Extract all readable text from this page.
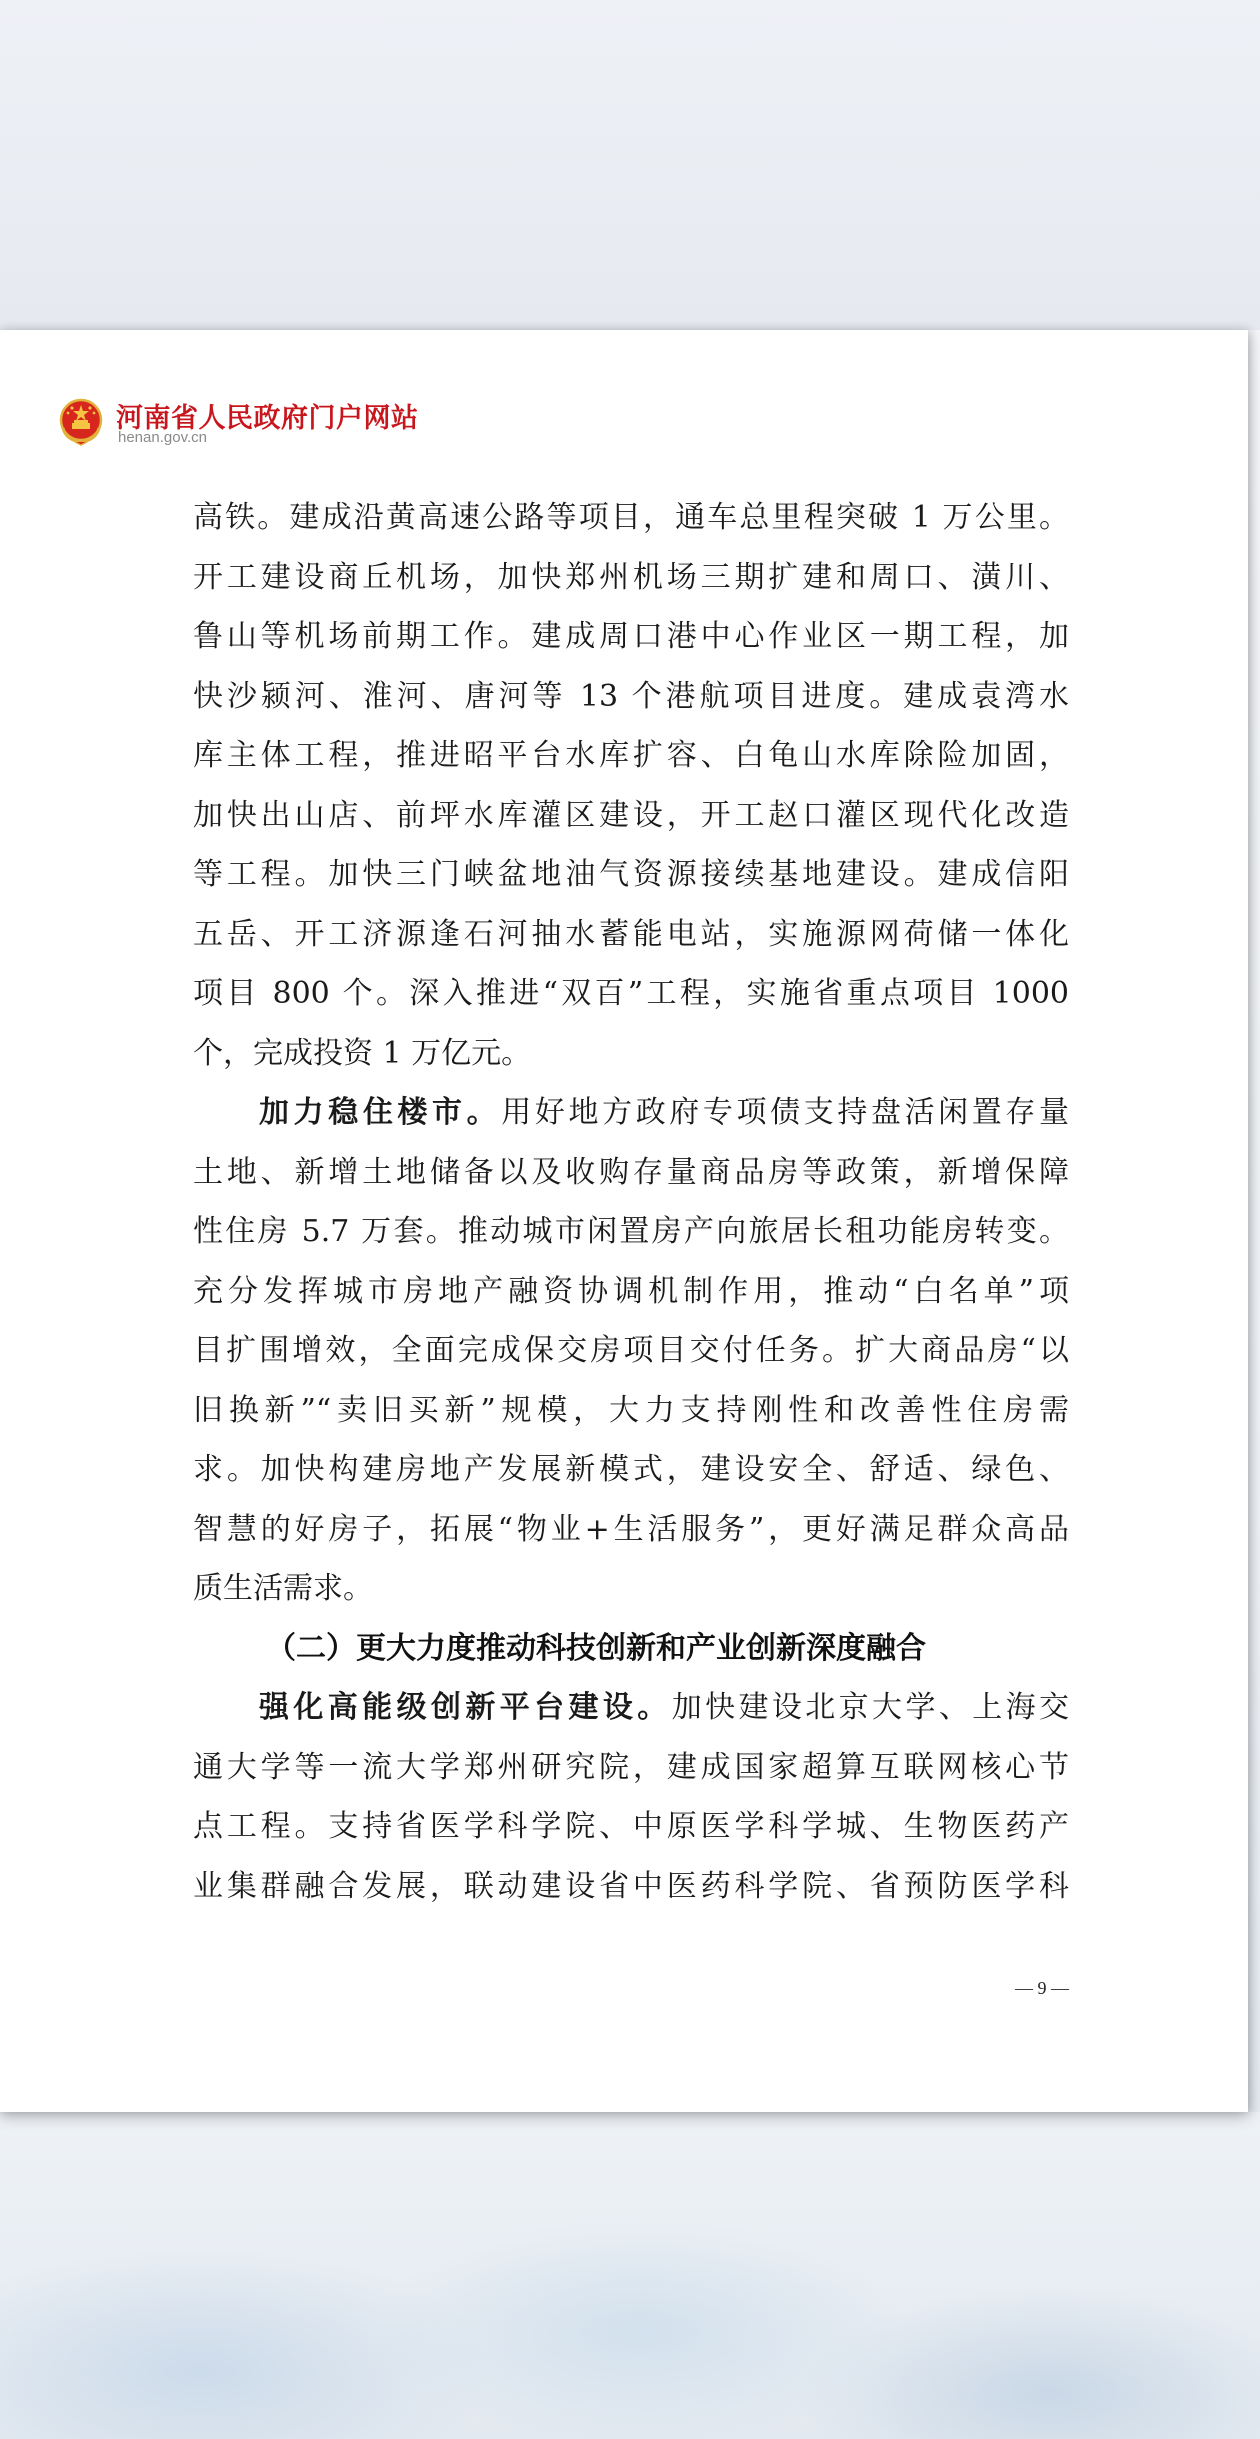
河南省人民政府门户网站
henan.gov.cn
高铁。建成沿黄高速公路等项目，通车总里程突破 1 万公里。
开工建设商丘机场，加快郑州机场三期扩建和周口、潢川、
鲁山等机场前期工作。建成周口港中心作业区一期工程，加
快沙颍河、淮河、唐河等 13 个港航项目进度。建成袁湾水
库主体工程，推进昭平台水库扩容、白龟山水库除险加固，
加快出山店、前坪水库灌区建设，开工赵口灌区现代化改造
等工程。加快三门峡盆地油气资源接续基地建设。建成信阳
五岳、开工济源逢石河抽水蓄能电站，实施源网荷储一体化
项目 800 个。深入推进“双百”工程，实施省重点项目 1000
个，完成投资 1 万亿元。
加力稳住楼市。用好地方政府专项债支持盘活闲置存量
土地、新增土地储备以及收购存量商品房等政策，新增保障
性住房 5.7 万套。推动城市闲置房产向旅居长租功能房转变。
充分发挥城市房地产融资协调机制作用，推动“白名单”项
目扩围增效，全面完成保交房项目交付任务。扩大商品房“以
旧换新”“卖旧买新”规模，大力支持刚性和改善性住房需
求。加快构建房地产发展新模式，建设安全、舒适、绿色、
智慧的好房子，拓展“物业+生活服务”，更好满足群众高品
质生活需求。
（二）更大力度推动科技创新和产业创新深度融合
强化高能级创新平台建设。加快建设北京大学、上海交
通大学等一流大学郑州研究院，建成国家超算互联网核心节
点工程。支持省医学科学院、中原医学科学城、生物医药产
业集群融合发展，联动建设省中医药科学院、省预防医学科
— 9 —
